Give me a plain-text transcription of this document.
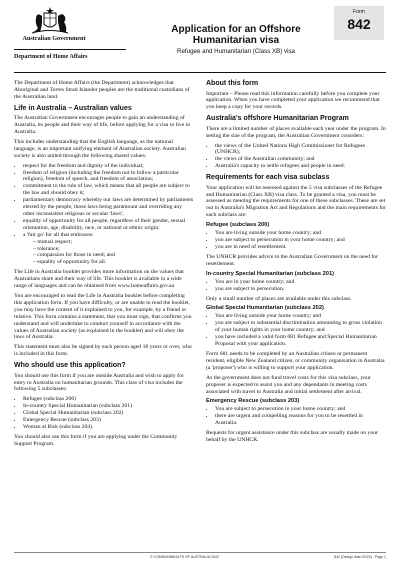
Australian Government
Department of Home Affairs
Application for an Offshore Humanitarian visa
Refugee and Humanitarian (Class XB) visa
Form
842

The Department of Home Affairs (the Department) acknowledges that Aboriginal and Torres Strait Islander peoples are the traditional custodians of the Australian land.

Life in Australia – Australian values

The Australian Government encourages people to gain an understanding of Australia, its people and their way of life, before applying for a visa to live in Australia.

This includes understanding that the English language, as the national language, is an important unifying element of Australian society. Australian society is also united through the following shared values:

• respect for the freedom and dignity of the individual;
• freedom of religion (including the freedom not to follow a particular religion), freedom of speech, and freedom of association;
• commitment to the rule of law, which means that all people are subject to the law and should obey it;
• parliamentary democracy whereby our laws are determined by parliaments elected by the people, those laws being paramount and overriding any other inconsistent religious or secular 'laws';
• equality of opportunity for all people, regardless of their gender, sexual orientation, age, disability, race, or national or ethnic origin;
• a 'fair go' for all that embraces:
– mutual respect;
– tolerance;
– compassion for those in need; and
– equality of opportunity for all.

The Life in Australia booklet provides more information on the values that Australians share and their way of life. This booklet is available in a wide range of languages and can be obtained from www.homeaffairs.gov.au

You are encouraged to read the Life in Australia booklet before completing this application form. If you have difficulty, or are unable to read the booklet, you may have the content of it explained to you, for example, by a friend or relative. This form contains a statement, that you must sign, that confirms you understand and will undertake to conduct yourself in accordance with the values of Australian society (as explained in the booklet) and will obey the laws of Australia.

This statement must also be signed by each person aged 18 years or over, who is included in this form.

Who should use this application?

You should use this form if you are outside Australia and wish to apply for entry to Australia on humanitarian grounds. This class of visa includes the following 5 subclasses:

• Refugee (subclass 200)
• In-country Special Humanitarian (subclass 201)
• Global Special Humanitarian (subclass 202)
• Emergency Rescue (subclass 203)
• Woman at Risk (subclass 204).

You should also use this form if you are applying under the Community Support Program.

About this form

Important – Please read this information carefully before you complete your application. When you have completed your application we recommend that you keep a copy for your records.

Australia's offshore Humanitarian Program

There are a limited number of places available each year under the program. In setting the size of the program, the Australian Government considers:

• the views of the United Nations High Commissioner for Refugees (UNHCR);
• the views of the Australian community; and
• Australia's capacity to settle refugees and people in need.
Requirements for each visa subclass

Your application will be assessed against the 5 visa subclasses of the Refugee and Humanitarian (Class XB) visa class. To be granted a visa, you must be assessed as meeting the requirements for one of these subclasses. These are set out in Australia's Migration Act and Regulations and the main requirements for each subclass are:

Refugee (subclass 200)
• You are living outside your home country; and
• you are subject to persecution in your home country; and
• you are in need of resettlement.

The UNHCR provides advice to the Australian Government on the need for resettlement.

In-country Special Humanitarian (subclass 201)
• You are in your home country; and
• you are subject to persecution.

Only a small number of places are available under this subclass.

Global Special Humanitarian (subclass 202)
• You are living outside your home country; and
• you are subject to substantial discrimination amounting to gross violation of your human rights in your home country; and
• you have included a valid form 681 Refugee and Special Humanitarian Proposal with your application.

Form 681 needs to be completed by an Australian citizen or permanent resident, eligible New Zealand citizen, or community organisation in Australia (a 'proposer') who is willing to support your application.

As the government does not fund travel costs for this visa subclass, your proposer is expected to assist you and any dependants in meeting costs associated with travel to Australia and initial settlement after arrival.

Emergency Rescue (subclass 203)
• You are subject to persecution in your home country; and
• there are urgent and compelling reasons for you to be resettled in Australia.

Requests for urgent assistance under this subclass are usually made on your behalf by the UNHCR.

© COMMONWEALTH OF AUSTRALIA 2022	842 (Design date 02/22) - Page 1
